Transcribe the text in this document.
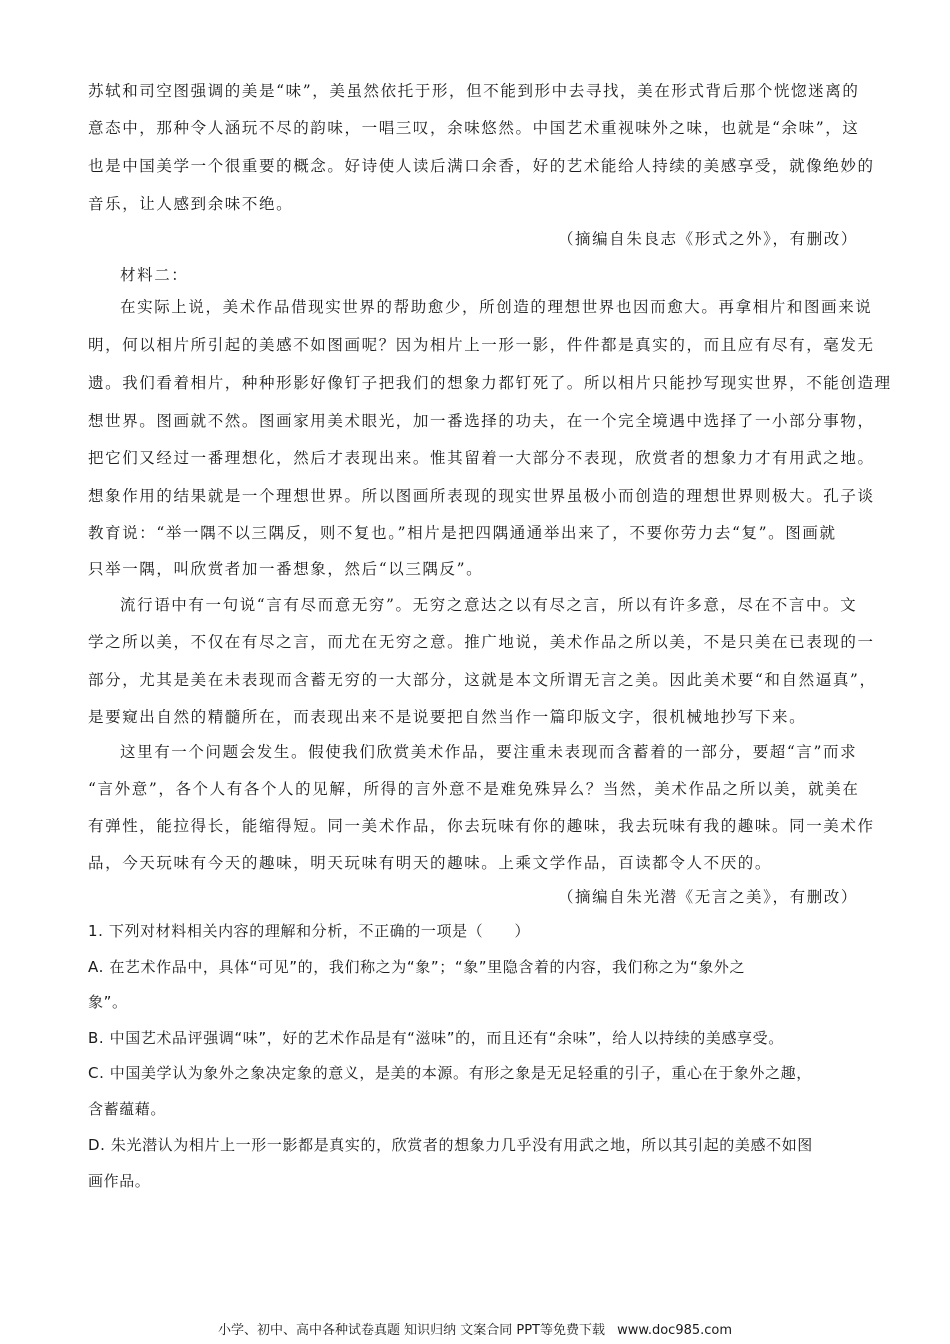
苏轼和司空图强调的美是“味”，美虽然依托于形，但不能到形中去寻找，美在形式背后那个恍惚迷离的
意态中，那种令人涵玩不尽的韵味，一唱三叹，余味悠然。中国艺术重视味外之味，也就是“余味”，这
也是中国美学一个很重要的概念。好诗使人读后满口余香，好的艺术能给人持续的美感享受，就像绝妙的
音乐，让人感到余味不绝。
（摘编自朱良志《形式之外》，有删改）
材料二：
在实际上说，美术作品借现实世界的帮助愈少，所创造的理想世界也因而愈大。再拿相片和图画来说
明，何以相片所引起的美感不如图画呢？因为相片上一形一影，件件都是真实的，而且应有尽有，毫发无
遗。我们看着相片，种种形影好像钉子把我们的想象力都钉死了。所以相片只能抄写现实世界，不能创造理
想世界。图画就不然。图画家用美术眼光，加一番选择的功夫，在一个完全境遇中选择了一小部分事物，
把它们又经过一番理想化，然后才表现出来。惟其留着一大部分不表现，欣赏者的想象力才有用武之地。
想象作用的结果就是一个理想世界。所以图画所表现的现实世界虽极小而创造的理想世界则极大。孔子谈
教育说：“举一隅不以三隅反，则不复也。”相片是把四隅通通举出来了，不要你劳力去“复”。图画就
只举一隅，叫欣赏者加一番想象，然后“以三隅反”。
流行语中有一句说“言有尽而意无穷”。无穷之意达之以有尽之言，所以有许多意，尽在不言中。文
学之所以美，不仅在有尽之言，而尤在无穷之意。推广地说，美术作品之所以美，不是只美在已表现的一
部分，尤其是美在未表现而含蓄无穷的一大部分，这就是本文所谓无言之美。因此美术要“和自然逼真”，
是要窥出自然的精髓所在，而表现出来不是说要把自然当作一篇印版文字，很机械地抄写下来。
这里有一个问题会发生。假使我们欣赏美术作品，要注重未表现而含蓄着的一部分，要超“言”而求
“言外意”，各个人有各个人的见解，所得的言外意不是难免殊异么？当然，美术作品之所以美，就美在
有弹性，能拉得长，能缩得短。同一美术作品，你去玩味有你的趣味，我去玩味有我的趣味。同一美术作
品，今天玩味有今天的趣味，明天玩味有明天的趣味。上乘文学作品，百读都令人不厌的。
（摘编自朱光潜《无言之美》，有删改）
1. 下列对材料相关内容的理解和分析，不正确的一项是（　　）
A. 在艺术作品中，具体“可见”的，我们称之为“象”；“象”里隐含着的内容，我们称之为“象外之
象”。
B. 中国艺术品评强调“味”，好的艺术作品是有“滋味”的，而且还有“余味”，给人以持续的美感享受。
C. 中国美学认为象外之象决定象的意义，是美的本源。有形之象是无足轻重的引子，重心在于象外之趣，
含蓄蕴藉。
D. 朱光潜认为相片上一形一影都是真实的，欣赏者的想象力几乎没有用武之地，所以其引起的美感不如图
画作品。
小学、初中、高中各种试卷真题 知识归纳 文案合同 PPT等免费下载 www.doc985.com
